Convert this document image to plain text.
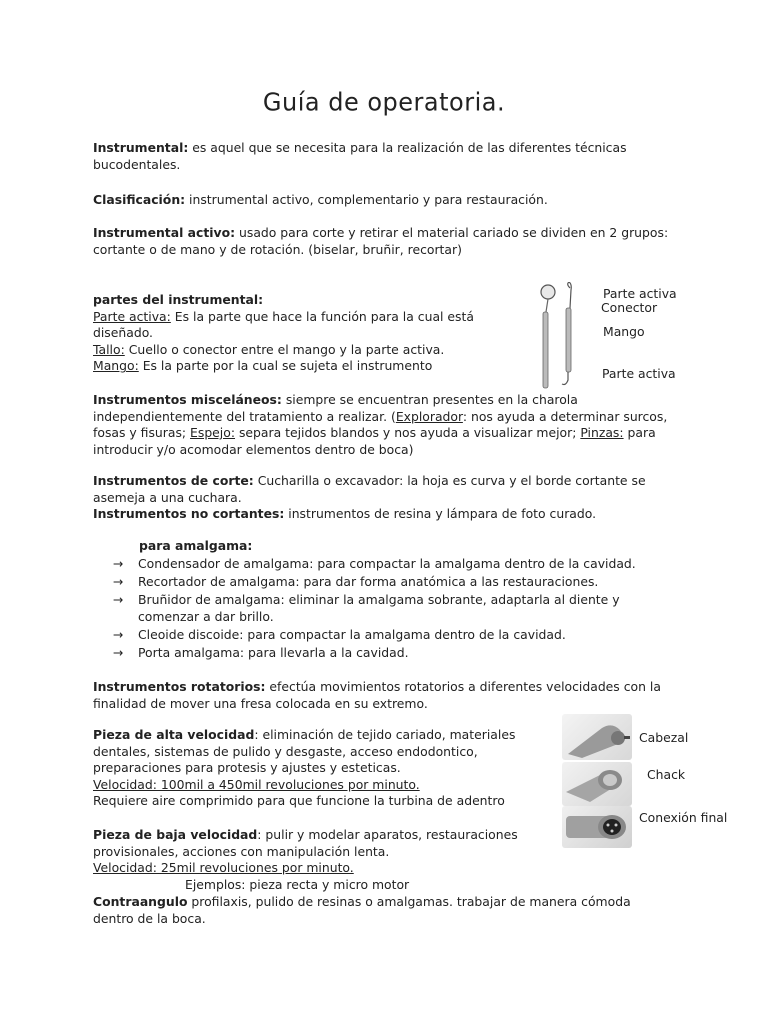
Guía de operatoria.
Instrumental: es aquel que se necesita para la realización de las diferentes técnicas bucodentales.
Clasificación: instrumental activo, complementario y para restauración.
Instrumental activo: usado para corte y retirar el material cariado se dividen en 2 grupos: cortante o de mano y de rotación. (biselar, bruñir, recortar)
partes del instrumental:
Parte activa: Es la parte que hace la función para la cual está diseñado.
Tallo: Cuello o conector entre el mango y la parte activa.
Mango: Es la parte por la cual se sujeta el instrumento
Parte activa
Conector
Mango
Parte activa
Instrumentos misceláneos: siempre se encuentran presentes en la charola independientemente del tratamiento a realizar. (Explorador: nos ayuda a determinar surcos, fosas y fisuras; Espejo: separa tejidos blandos y nos ayuda a visualizar mejor; Pinzas: para introducir y/o acomodar elementos dentro de boca)
Instrumentos de corte: Cucharilla o excavador: la hoja es curva y el borde cortante se asemeja a una cuchara.
Instrumentos no cortantes: instrumentos de resina y lámpara de foto curado.
para amalgama:
→	Condensador de amalgama: para compactar la amalgama dentro de la cavidad.
→	Recortador de amalgama: para dar forma anatómica a las restauraciones.
→	Bruñidor de amalgama: eliminar la amalgama sobrante, adaptarla al diente y comenzar a dar brillo.
→	Cleoide discoide: para compactar la amalgama dentro de la cavidad.
→	Porta amalgama: para llevarla a la cavidad.
Instrumentos rotatorios: efectúa movimientos rotatorios a diferentes velocidades con la finalidad de mover una fresa colocada en su extremo.
Pieza de alta velocidad: eliminación de tejido cariado, materiales dentales, sistemas de pulido y desgaste, acceso endodontico, preparaciones para protesis y ajustes y esteticas.
Velocidad: 100mil a 450mil revoluciones por minuto.
Requiere aire comprimido para que funcione la turbina de adentro
Cabezal
Chack
Conexión final
Pieza de baja velocidad: pulir y modelar aparatos, restauraciones provisionales, acciones con manipulación lenta.
Velocidad: 25mil revoluciones por minuto.
Ejemplos: pieza recta y micro motor
Contraangulo profilaxis, pulido de resinas o amalgamas. trabajar de manera cómoda dentro de la boca.
